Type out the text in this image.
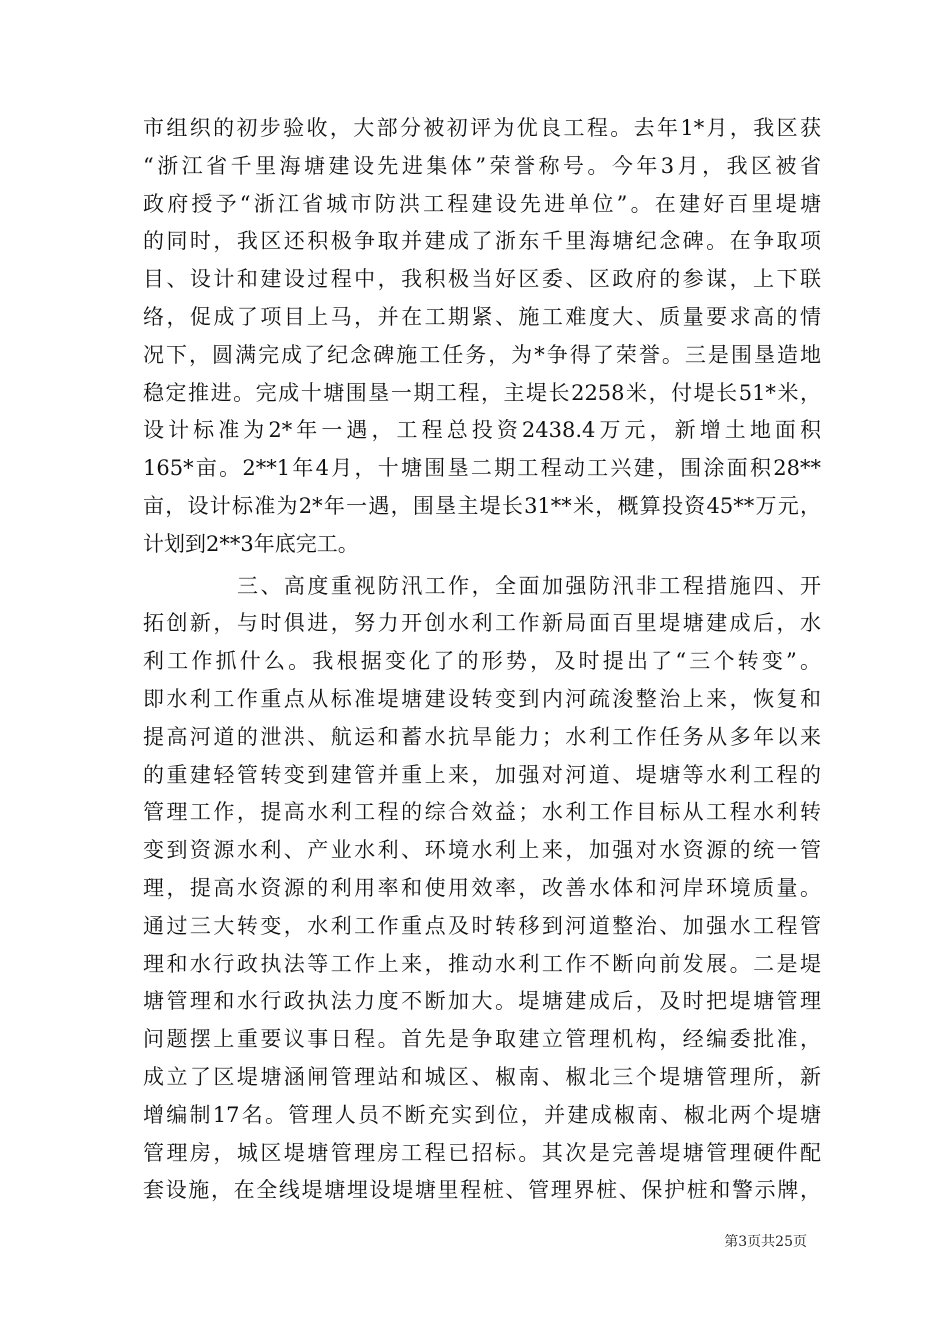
市组织的初步验收，大部分被初评为优良工程。去年1*月，我区获
“浙江省千里海塘建设先进集体”荣誉称号。今年3月，我区被省
政府授予“浙江省城市防洪工程建设先进单位”。在建好百里堤塘
的同时，我区还积极争取并建成了浙东千里海塘纪念碑。在争取项
目、设计和建设过程中，我积极当好区委、区政府的参谋，上下联
络，促成了项目上马，并在工期紧、施工难度大、质量要求高的情
况下，圆满完成了纪念碑施工任务，为*争得了荣誉。三是围垦造地
稳定推进。完成十塘围垦一期工程，主堤长2258米，付堤长51*米，
设计标准为2*年一遇，工程总投资2438.4万元，新增土地面积
165*亩。2**1年4月，十塘围垦二期工程动工兴建，围涂面积28**
亩，设计标准为2*年一遇，围垦主堤长31**米，概算投资45**万元，
计划到2**3年底完工。
三、高度重视防汛工作，全面加强防汛非工程措施四、开
拓创新，与时俱进，努力开创水利工作新局面百里堤塘建成后，水
利工作抓什么。我根据变化了的形势，及时提出了“三个转变”。
即水利工作重点从标准堤塘建设转变到内河疏浚整治上来，恢复和
提高河道的泄洪、航运和蓄水抗旱能力；水利工作任务从多年以来
的重建轻管转变到建管并重上来，加强对河道、堤塘等水利工程的
管理工作，提高水利工程的综合效益；水利工作目标从工程水利转
变到资源水利、产业水利、环境水利上来，加强对水资源的统一管
理，提高水资源的利用率和使用效率，改善水体和河岸环境质量。
通过三大转变，水利工作重点及时转移到河道整治、加强水工程管
理和水行政执法等工作上来，推动水利工作不断向前发展。二是堤
塘管理和水行政执法力度不断加大。堤塘建成后，及时把堤塘管理
问题摆上重要议事日程。首先是争取建立管理机构，经编委批准，
成立了区堤塘涵闸管理站和城区、椒南、椒北三个堤塘管理所，新
增编制17名。管理人员不断充实到位，并建成椒南、椒北两个堤塘
管理房，城区堤塘管理房工程已招标。其次是完善堤塘管理硬件配
套设施，在全线堤塘埋设堤塘里程桩、管理界桩、保护桩和警示牌，
第3页共25页
